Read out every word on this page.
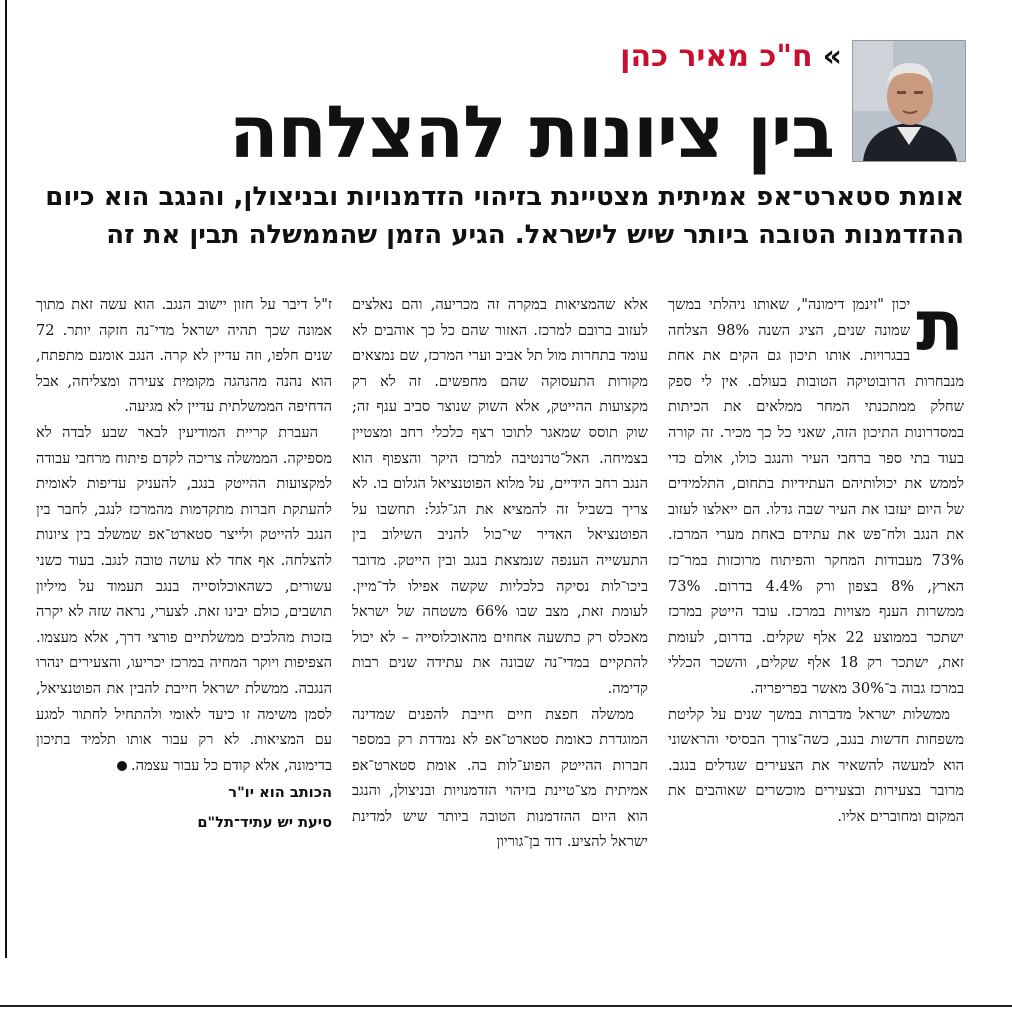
»
ח"כ מאיר כהן
בין ציונות להצלחה
אומת סטארט־אפ אמיתית מצטיינת בזיהוי הזדמנויות ובניצולן, והנגב הוא כיום ההזדמנות הטובה ביותר שיש לישראל. הגיע הזמן שהממשלה תבין את זה
ת

יכון "זינמן דימונה", שאותו ניהלתי במשך שמונה שנים, הציג השנה 98% הצלחה בבגרויות. אותו תיכון גם הקים את אחת מנבחרות הרובוטיקה הטובות בעולם. אין לי ספק שחלק ממתכנתי המחר ממלאים את הכיתות במסדרונות התיכון הזה, שאני כל כך מכיר. זה קורה בעוד בתי ספר ברחבי העיר והנגב כולו, אולם כדי לממש את יכולותיהם העתידיות בתחום, התלמידים של היום יעזבו את העיר שבה גדלו. הם ייאלצו לעזוב את הנגב ולח־פש את עתידם באחת מערי המרכז. 73% מעבודות המחקר והפיתוח מרוכזות במר־כז הארץ, 8% בצפון ורק 4.4% בדרום. 73% ממשרות הענף מצויות במרכז. עובד הייטק במרכז ישתכר בממוצע 22 אלף שקלים. בדרום, לעומת זאת, ישתכר רק 18 אלף שקלים, והשכר הכללי במרכז גבוה ב־30% מאשר בפריפריה.

ממשלות ישראל מדברות במשך שנים על קליטת משפחות חדשות בנגב, כשה־צורך הבסיסי והראשוני הוא למעשה להשאיר את הצעירים שגדלים בנגב. מרובר בצעירות ובצעירים מוכשרים שאוהבים את המקום ומחוברים אליו.

אלא שהמציאות במקרה זה מכריעה, והם נאלצים לעזוב ברובם למרכז. האזור שהם כל כך אוהבים לא עומד בתחרות מול תל אביב וערי המרכז, שם נמצאים מקורות התעסוקה שהם מחפשים. זה לא רק מקצועות ההייטק, אלא השוק שנוצר סביב ענף זה; שוק תוסס שמאגר לתוכו רצף כלכלי רחב ומצטיין בצמיחה. האל־טרנטיבה למרכז היקר והצפוף הוא הנגב רחב הידיים, על מלוא הפוטנציאל הגלום בו. לא צריך בשביל זה להמציא את הג־לגל: תחשבו על הפוטנציאל האדיר שי־כול להניב השילוב בין התעשייה הענפה שנמצאת בנגב ובין הייטק. מדובר ביכו־לות נסיקה כלכליות שקשה אפילו לד־מיין. לעומת זאת, מצב שבו 66% משטחה של ישראל מאכלס רק כתשעה אחוזים מהאוכלוסייה – לא יכול להתקיים במדי־נה שבונה את עתידה שנים רבות קדימה.

ממשלה חפצת חיים חייבת להפנים שמדינה המוגדרת כאומת סטארט־אפ לא נמדדת רק במספר חברות ההייטק הפוע־לות בה. אומת סטארט־אפ אמיתית מצ־טיינת בזיהוי הזדמנויות ובניצולן, והנגב הוא היום ההזדמנות הטובה ביותר שיש למדינת ישראל להציע. דוד בן־גוריון

ז"ל דיבר על חזון יישוב הנגב. הוא עשה זאת מתוך אמונה שכך תהיה ישראל מדי־נה חזקה יותר. 72 שנים חלפו, וזה עדיין לא קרה. הנגב אומנם מתפתח, הוא נהנה מהנהגה מקומית צעירה ומצליחה, אבל הדחיפה הממשלתית עדיין לא מגיעה.

העברת קריית המודיעין לבאר שבע לבדה לא מספיקה. הממשלה צריכה לקדם פיתוח מרחבי עבודה למקצועות ההייטק בנגב, להעניק עדיפות לאומית להעתקת חברות מתקדמות מהמרכז לנגב, לחבר בין הנגב להייטק ולייצר סטארט־אפ שמשלב בין ציונות להצלחה. אף אחד לא עושה טובה לנגב. בעוד כשני עשורים, כשהאוכלוסייה בנגב תעמוד על מיליון תושבים, כולם יבינו זאת. לצערי, נראה שזה לא יקרה בזכות מהלכים ממשלתיים פורצי דרך, אלא מעצמו. הצפיפות ויוקר המחיה במרכז יכריעו, והצעירים ינהרו הנגבה. ממשלת ישראל חייבת להבין את הפוטנציאל, לסמן משימה זו כיעד לאומי ולהתחיל לחתור למגע עם המציאות. לא רק עבור אותו תלמיד בתיכון בדימונה, אלא קודם כל עבור עצמה.

הכותב הוא יו"ר
סיעת יש עתיד־תל"ם
